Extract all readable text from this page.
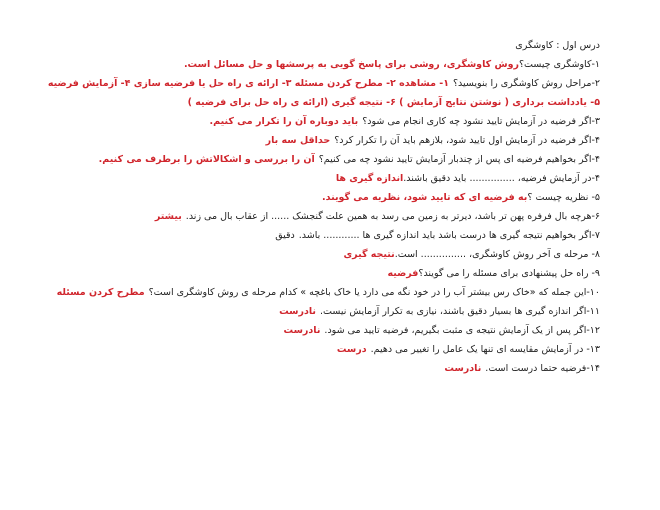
درس اول : کاوشگری
۱-کاوشگری چیست؟روش کاوشگری، روشی برای پاسخ گویی به پرسشها و حل مسائل است.
۲-مراحل روش کاوشگری را بنویسید؟۱- مشاهده ۲- مطرح کردن مسئله ۳- ارائه ی راه حل یا فرضیه سازی ۴- آزمایش فرضیه ۵- یادداشت برداری ( نوشتن نتایج آزمایش ) ۶- نتیجه گیری (ارائه ی راه حل برای فرضیه )
۳-اگر فرضیه در آزمایش تایید نشود چه کاری انجام می شود؟باید دوباره آن را تکرار می کنیم.
۴-اگر فرضیه در آزمایش اول تایید شود، بلازهم باید آن را تکرار کرد؟حداقل سه بار
۴-اگر بخواهیم فرضیه ای پس از چندبار آزمایش تایید نشود چه می کنیم؟آن را بررسی و اشکالاتش را برطرف می کنیم.
۴-در آزمایش فرضیه، ............... باید دقیق باشند.اندازه گیری ها
۵- نظریه چیست ؟به فرضیه ای که تایید شود، نظریه می گویند.
۶-هرچه بال فرفره پهن تر باشد، دیرتر به زمین می رسد به همین علت گنجشک ...... از عقاب بال می زند.بیشتر
۷-اگر بخواهیم نتیجه گیری ها درست باشد باید اندازه گیری ها ............ باشد.دقیق
۸- مرحله ی آخر روش کاوشگری، ............... است.نتیجه گیری
۹- راه حل پیشنهادی برای مسئله را می گویند؟فرضیه
۱۰-این جمله که «خاک رس بیشتر آب را در خود نگه می دارد یا خاک باغچه » کدام مرحله ی روش کاوشگری است؟مطرح کردن مسئله
۱۱-اگر اندازه گیری ها بسیار دقیق باشند، نیازی به تکرار آزمایش نیست.نادرست
۱۲-اگر پس از یک آزمایش نتیجه ی مثبت بگیریم، فرضیه تایید می شود.نادرست
۱۳- در آزمایش مقایسه ای تنها یک عامل را تغییر می دهیم.درست
۱۴-فرضیه حتما درست است.نادرست
